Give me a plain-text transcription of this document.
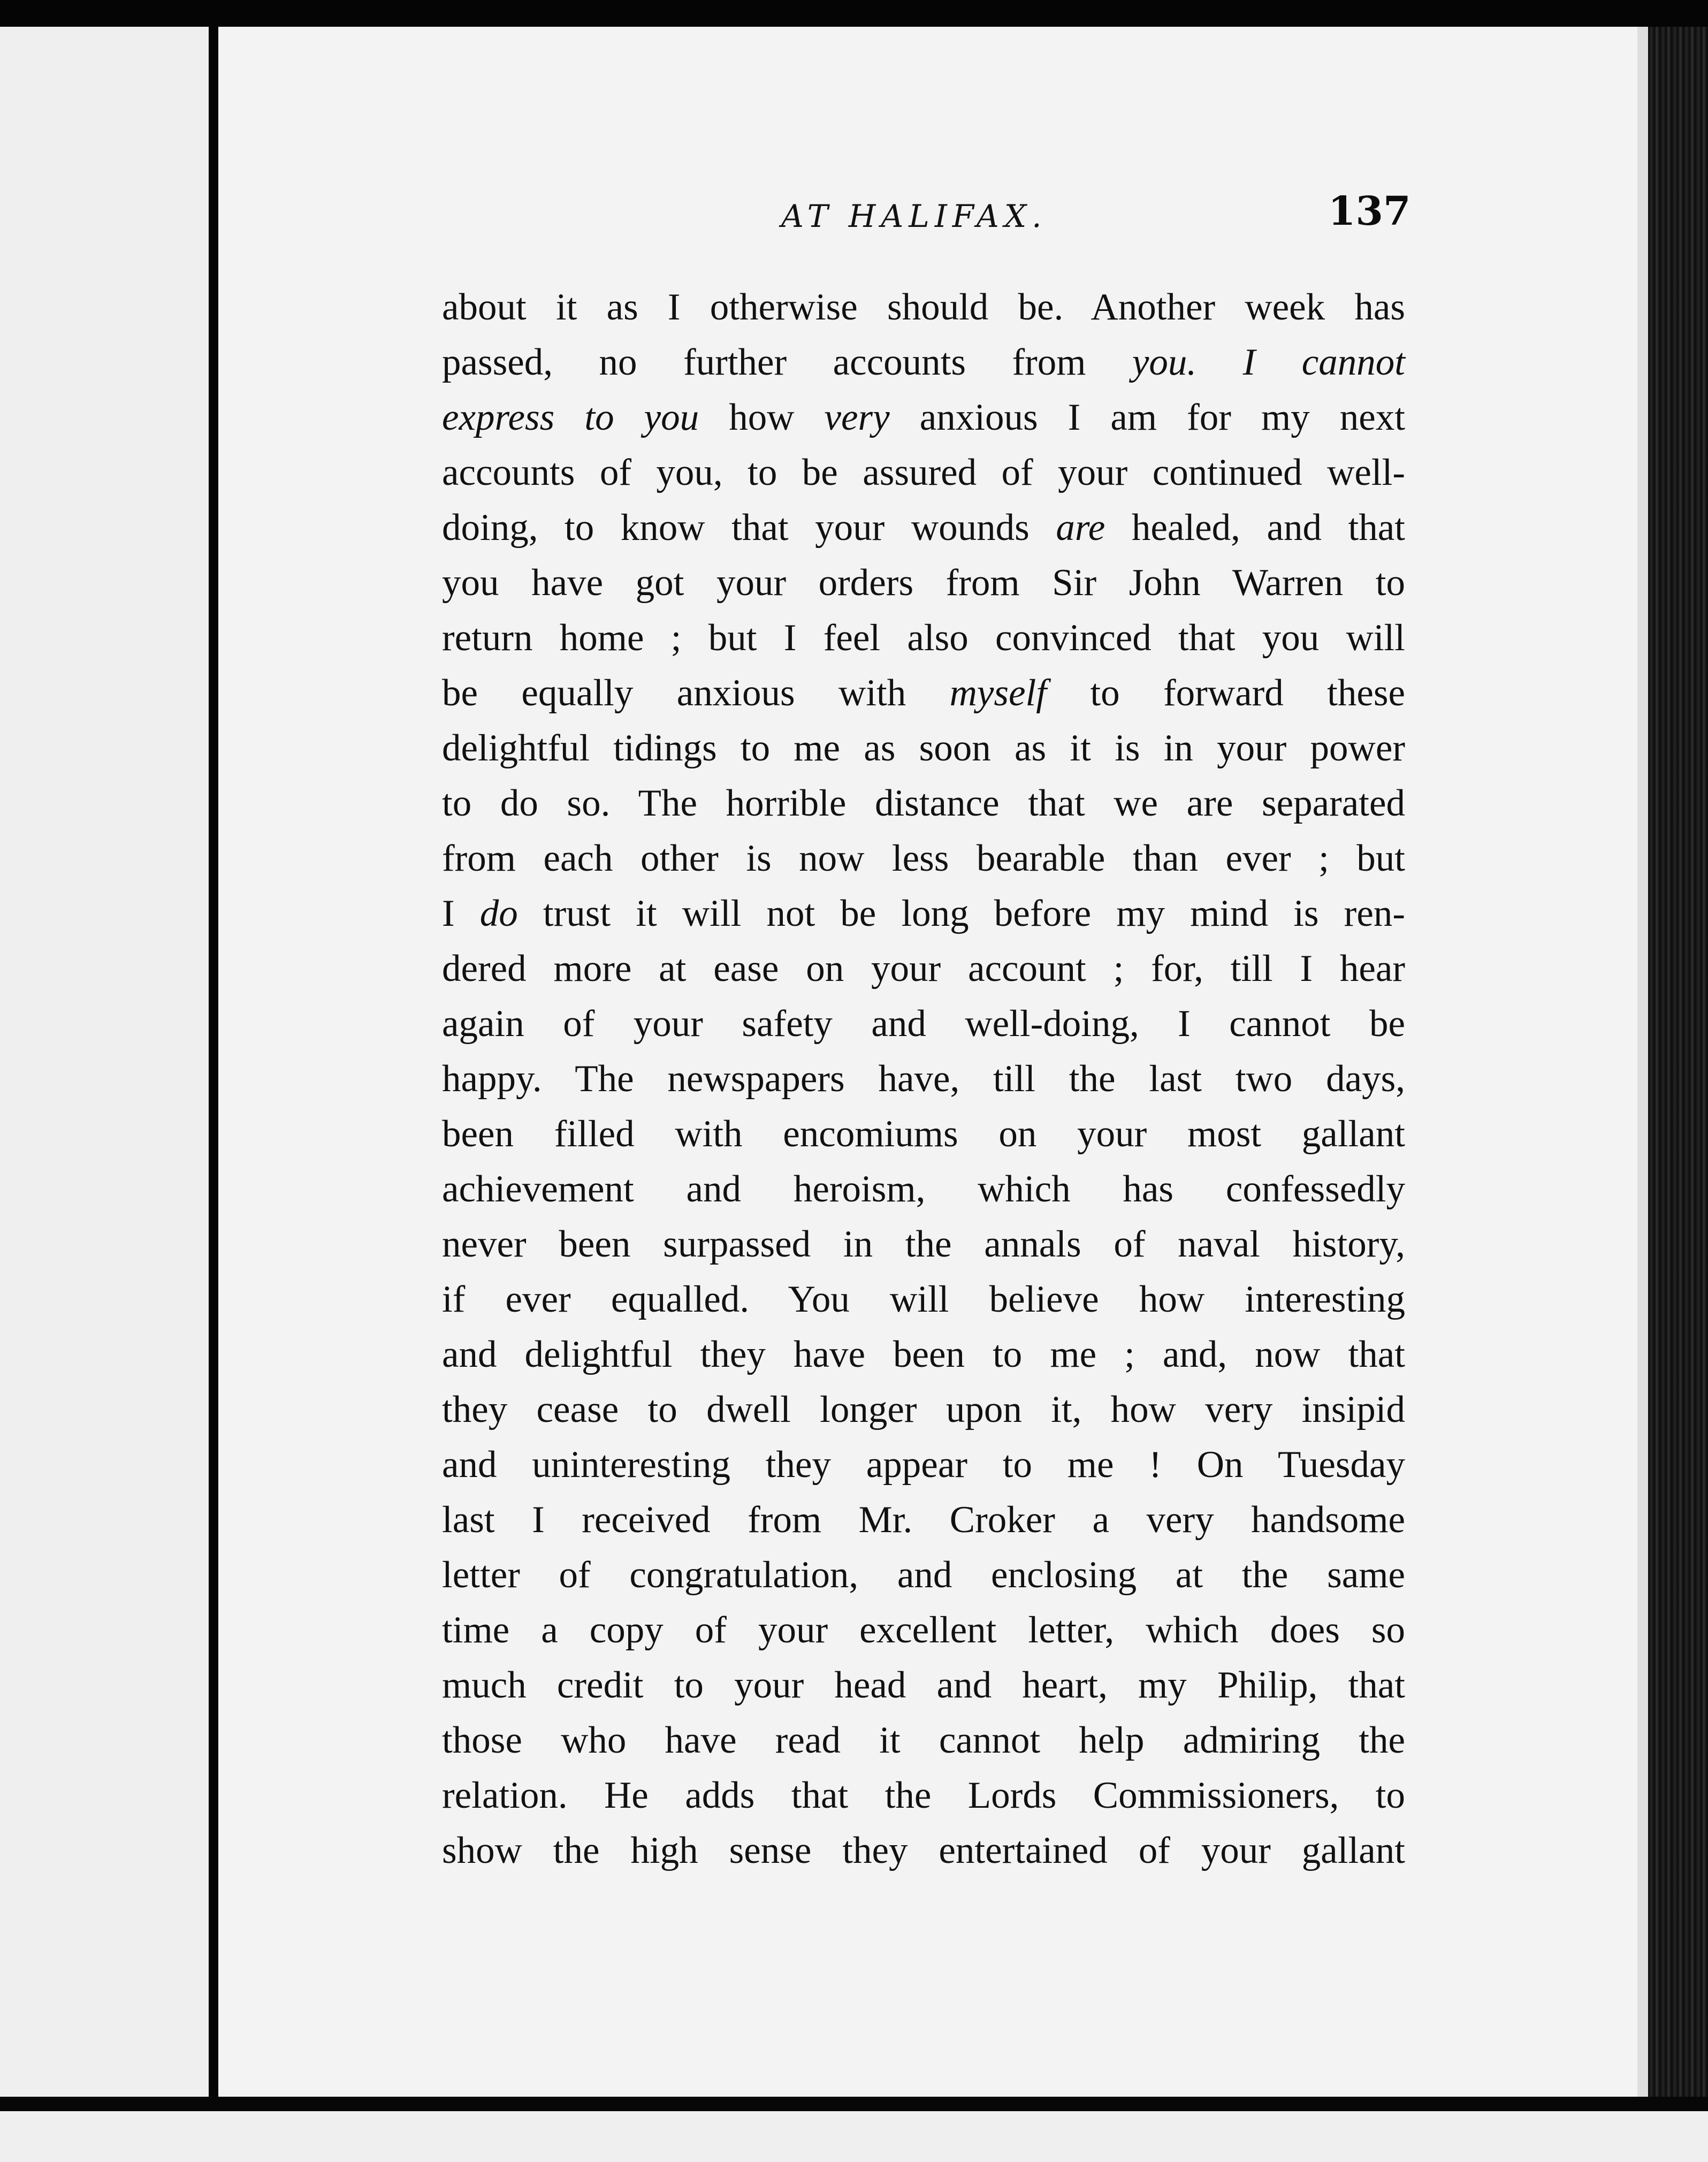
AT HALIFAX.	137
about it as I otherwise should be. Another week has
passed, no further accounts from you. I cannot
express to you how very anxious I am for my next
accounts of you, to be assured of your continued well-
doing, to know that your wounds are healed, and that
you have got your orders from Sir John Warren to
return home ; but I feel also convinced that you will
be equally anxious with myself to forward these
delightful tidings to me as soon as it is in your power
to do so. The horrible distance that we are separated
from each other is now less bearable than ever ; but
I do trust it will not be long before my mind is ren-
dered more at ease on your account ; for, till I hear
again of your safety and well-doing, I cannot be
happy. The newspapers have, till the last two days,
been filled with encomiums on your most gallant
achievement and heroism, which has confessedly
never been surpassed in the annals of naval history,
if ever equalled. You will believe how interesting
and delightful they have been to me ; and, now that
they cease to dwell longer upon it, how very insipid
and uninteresting they appear to me ! On Tuesday
last I received from Mr. Croker a very handsome
letter of congratulation, and enclosing at the same
time a copy of your excellent letter, which does so
much credit to your head and heart, my Philip, that
those who have read it cannot help admiring the
relation. He adds that the Lords Commissioners, to
show the high sense they entertained of your gallant
